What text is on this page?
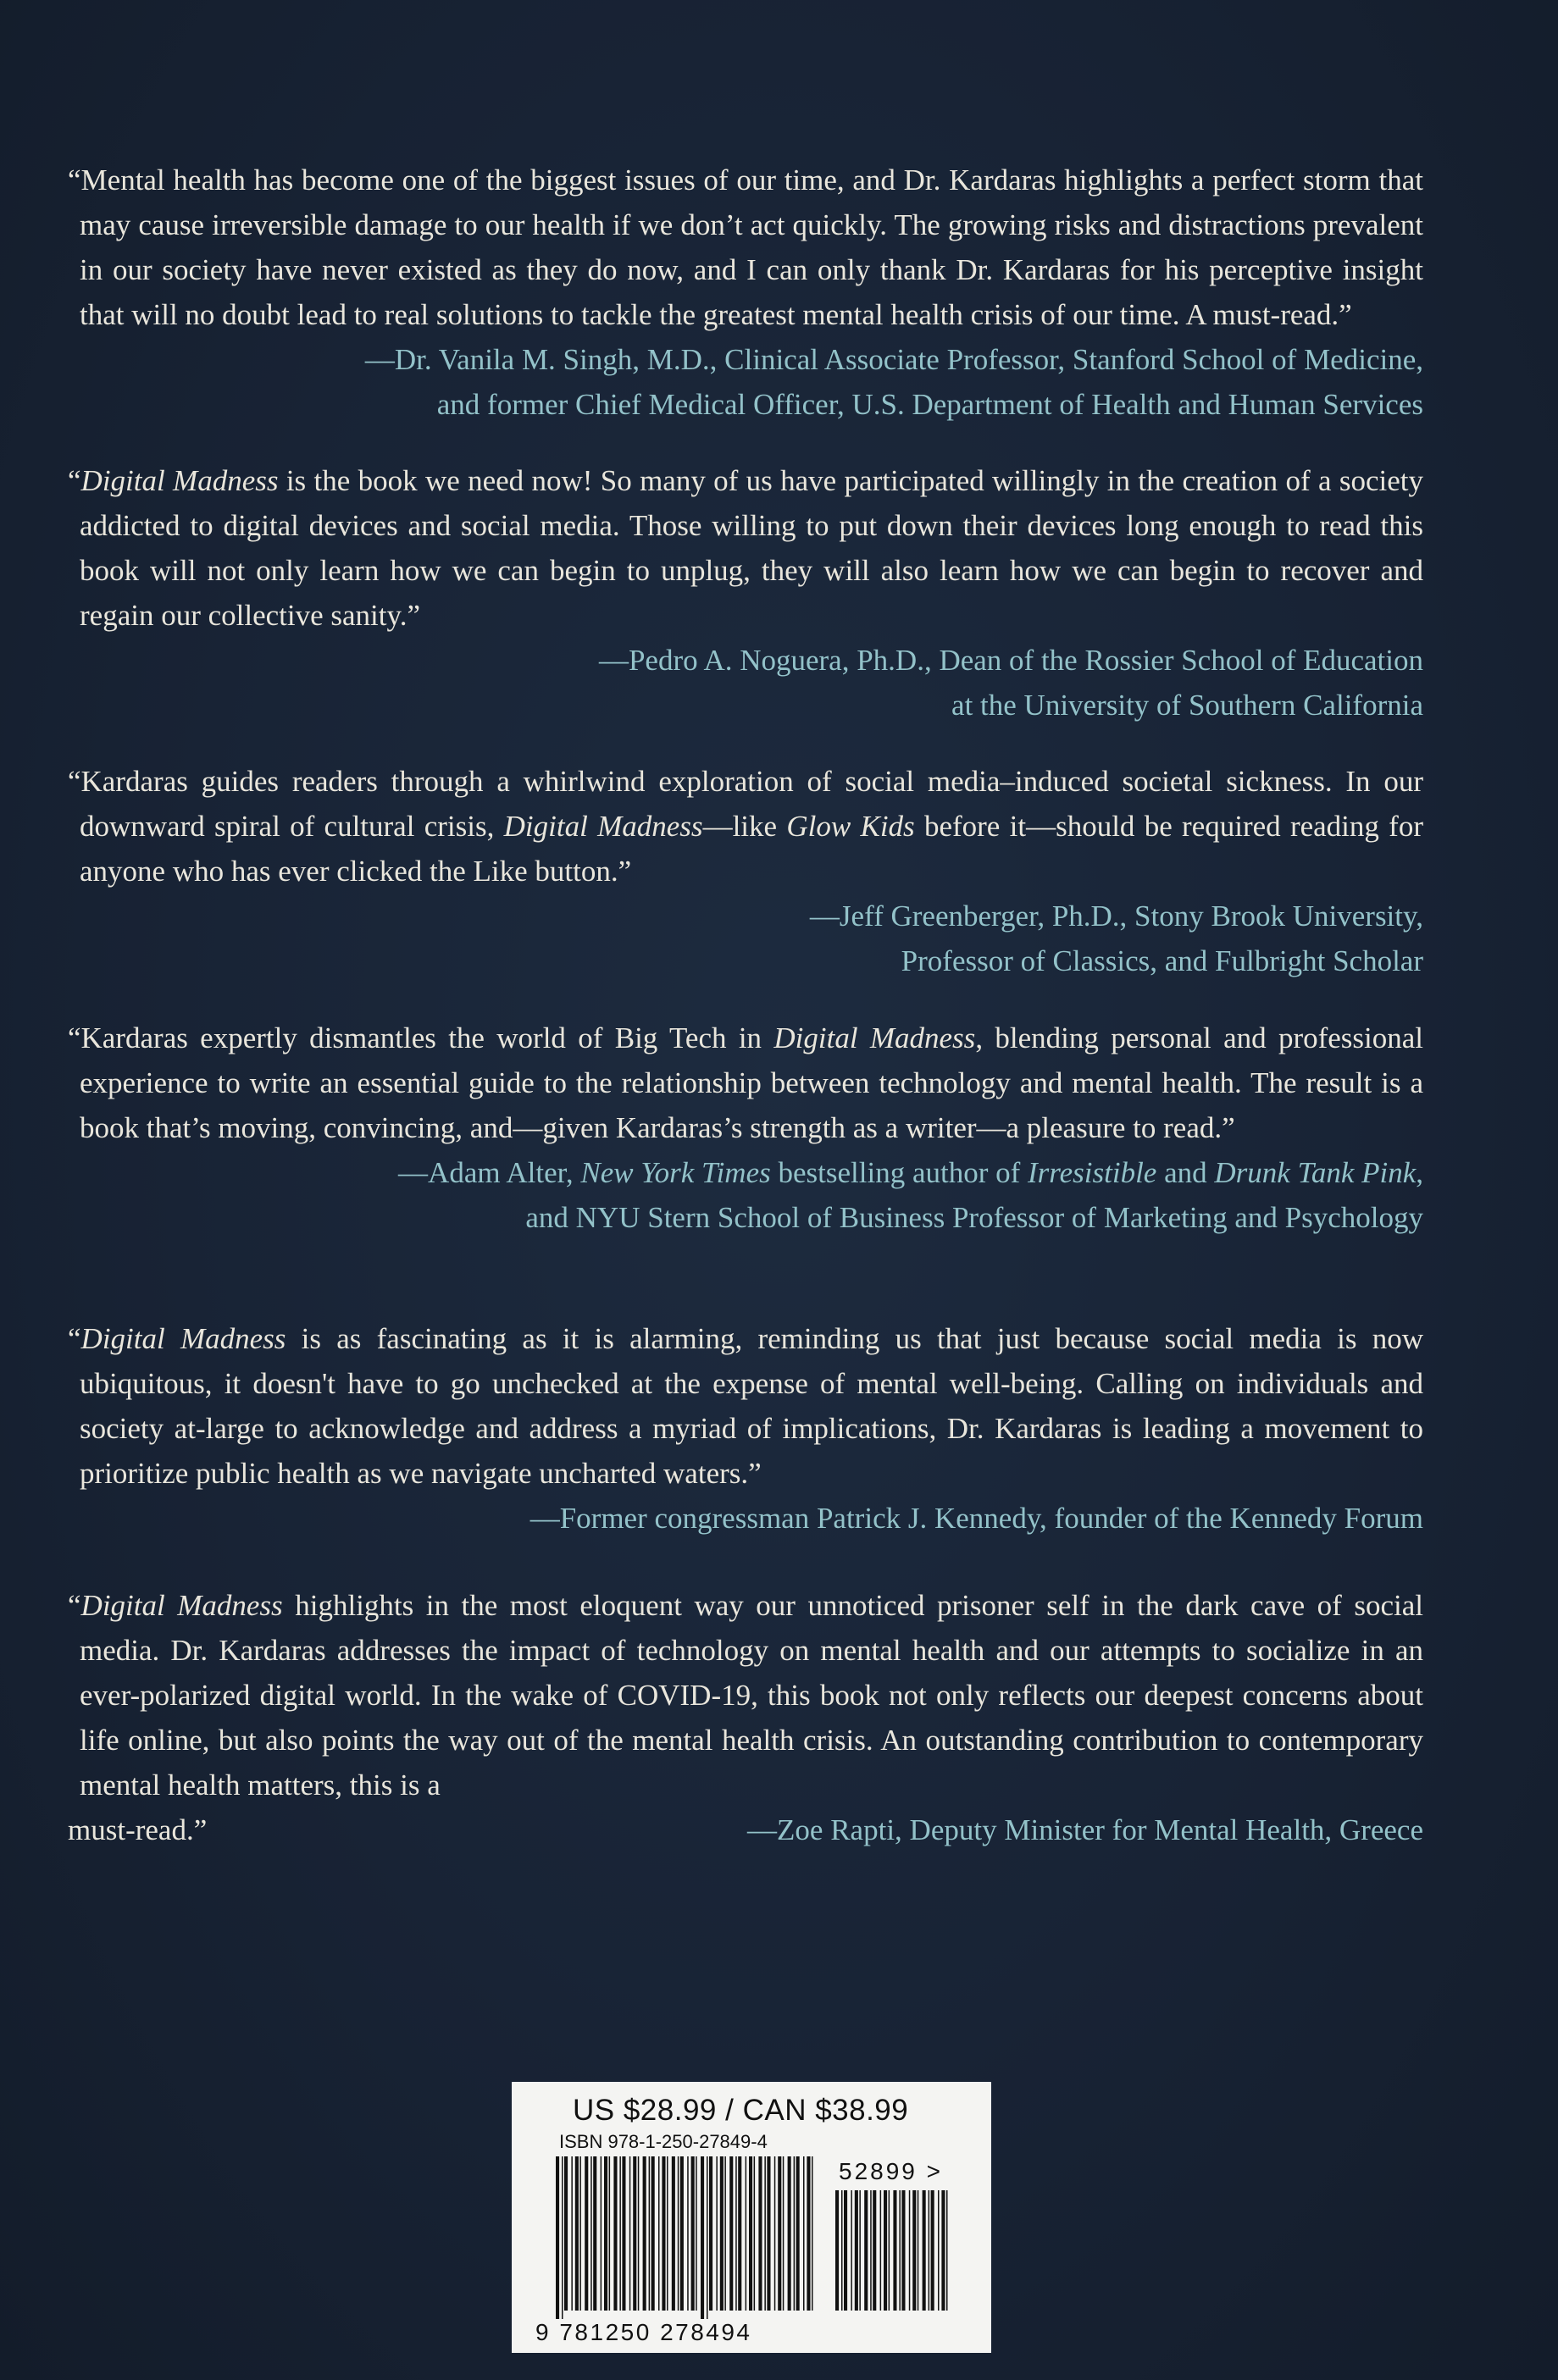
“Mental health has become one of the biggest issues of our time, and Dr. Kardaras highlights a perfect storm that may cause irreversible damage to our health if we don’t act quickly. The growing risks and distractions prevalent in our society have never existed as they do now, and I can only thank Dr. Kardaras for his perceptive insight that will no doubt lead to real solutions to tackle the greatest mental health crisis of our time. A must-read.”

—Dr. Vanila M. Singh, M.D., Clinical Associate Professor, Stanford School of Medicine,
and former Chief Medical Officer, U.S. Department of Health and Human Services

“Digital Madness is the book we need now! So many of us have participated willingly in the creation of a society addicted to digital devices and social media. Those willing to put down their devices long enough to read this book will not only learn how we can begin to unplug, they will also learn how we can begin to recover and regain our collective sanity.”

—Pedro A. Noguera, Ph.D., Dean of the Rossier School of Education
at the University of Southern California

“Kardaras guides readers through a whirlwind exploration of social media–induced societal sickness. In our downward spiral of cultural crisis, Digital Madness—like Glow Kids before it—should be required reading for anyone who has ever clicked the Like button.”

—Jeff Greenberger, Ph.D., Stony Brook University,
Professor of Classics, and Fulbright Scholar

“Kardaras expertly dismantles the world of Big Tech in Digital Madness, blending personal and professional experience to write an essential guide to the relationship between technology and mental health. The result is a book that’s moving, convincing, and—given Kardaras’s strength as a writer—a pleasure to read.”

—Adam Alter, New York Times bestselling author of Irresistible and Drunk Tank Pink,
and NYU Stern School of Business Professor of Marketing and Psychology

“Digital Madness is as fascinating as it is alarming, reminding us that just because social media is now ubiquitous, it doesn't have to go unchecked at the expense of mental well-being. Calling on individuals and society at-large to acknowledge and address a myriad of implications, Dr. Kardaras is leading a movement to prioritize public health as we navigate uncharted waters.”

—Former congressman Patrick J. Kennedy, founder of the Kennedy Forum

“Digital Madness highlights in the most eloquent way our unnoticed prisoner self in the dark cave of social media. Dr. Kardaras addresses the impact of technology on mental health and our attempts to socialize in an ever-polarized digital world. In the wake of COVID-19, this book not only reflects our deepest concerns about life online, but also points the way out of the mental health crisis. An outstanding contribution to contemporary mental health matters, this is a

must-read.”	—Zoe Rapti, Deputy Minister for Mental Health, Greece
US $28.99 / CAN $38.99
ISBN 978-1-250-27849-4
52899 >
9 781250 278494
